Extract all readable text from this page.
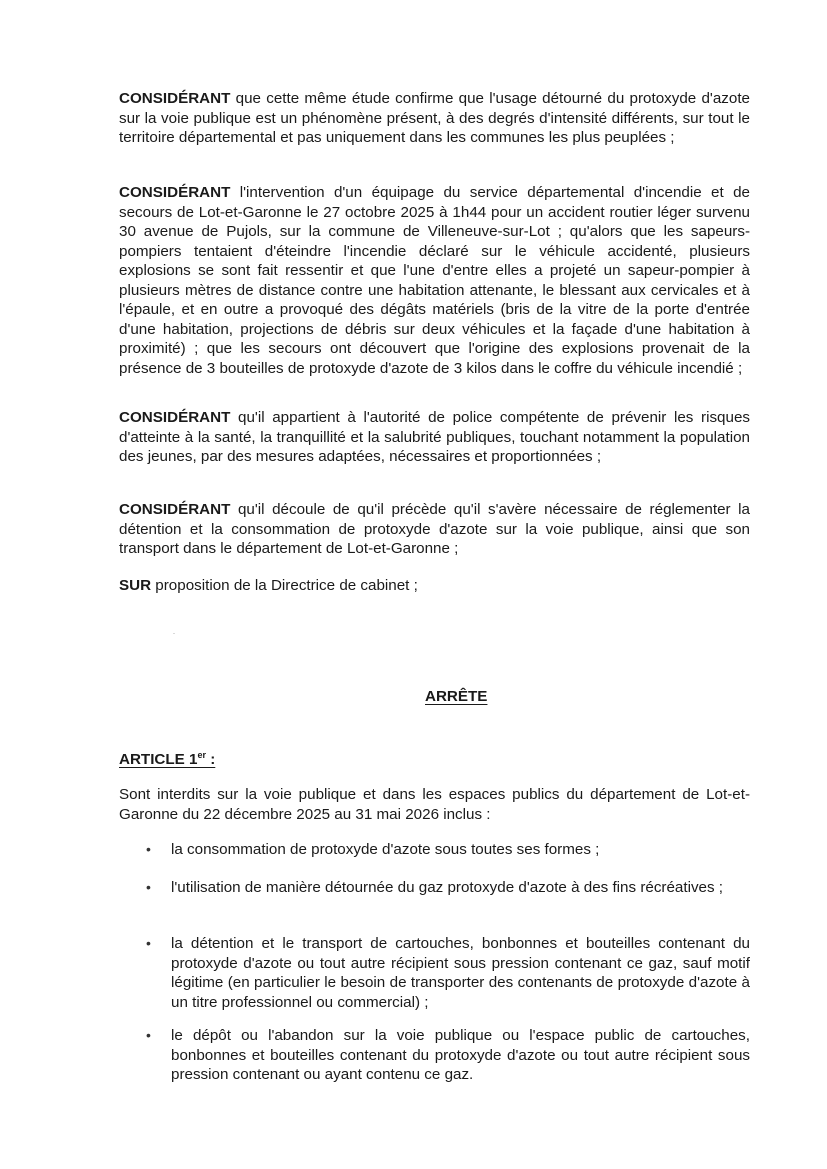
CONSIDÉRANT que cette même étude confirme que l'usage détourné du protoxyde d'azote sur la voie publique est un phénomène présent, à des degrés d'intensité différents, sur tout le territoire départemental et pas uniquement dans les communes les plus peuplées ;

CONSIDÉRANT l'intervention d'un équipage du service départemental d'incendie et de secours de Lot-et-Garonne le 27 octobre 2025 à 1h44 pour un accident routier léger survenu 30 avenue de Pujols, sur la commune de Villeneuve-sur-Lot ; qu'alors que les sapeurs-pompiers tentaient d'éteindre l'incendie déclaré sur le véhicule accidenté, plusieurs explosions se sont fait ressentir et que l'une d'entre elles a projeté un sapeur-pompier à plusieurs mètres de distance contre une habitation attenante, le blessant aux cervicales et à l'épaule, et en outre a provoqué des dégâts matériels (bris de la vitre de la porte d'entrée d'une habitation, projections de débris sur deux véhicules et la façade d'une habitation à proximité) ; que les secours ont découvert que l'origine des explosions provenait de la présence de 3 bouteilles de protoxyde d'azote de 3 kilos dans le coffre du véhicule incendié ;

CONSIDÉRANT qu'il appartient à l'autorité de police compétente de prévenir les risques d'atteinte à la santé, la tranquillité et la salubrité publiques, touchant notamment la population des jeunes, par des mesures adaptées, nécessaires et proportionnées ;

CONSIDÉRANT qu'il découle de qu'il précède qu'il s'avère nécessaire de réglementer la détention et la consommation de protoxyde d'azote sur la voie publique, ainsi que son transport dans le département de Lot-et-Garonne ;

SUR proposition de la Directrice de cabinet ;

ARRÊTE
ARTICLE 1er :

Sont interdits sur la voie publique et dans les espaces publics du département de Lot-et-Garonne du 22 décembre 2025 au 31 mai 2026 inclus :

• la consommation de protoxyde d'azote sous toutes ses formes ;

• l'utilisation de manière détournée du gaz protoxyde d'azote à des fins récréatives ;

• la détention et le transport de cartouches, bonbonnes et bouteilles contenant du protoxyde d'azote ou tout autre récipient sous pression contenant ce gaz, sauf motif légitime (en particulier le besoin de transporter des contenants de protoxyde d'azote à un titre professionnel ou commercial) ;

• le dépôt ou l'abandon sur la voie publique ou l'espace public de cartouches, bonbonnes et bouteilles contenant du protoxyde d'azote ou tout autre récipient sous pression contenant ou ayant contenu ce gaz.
